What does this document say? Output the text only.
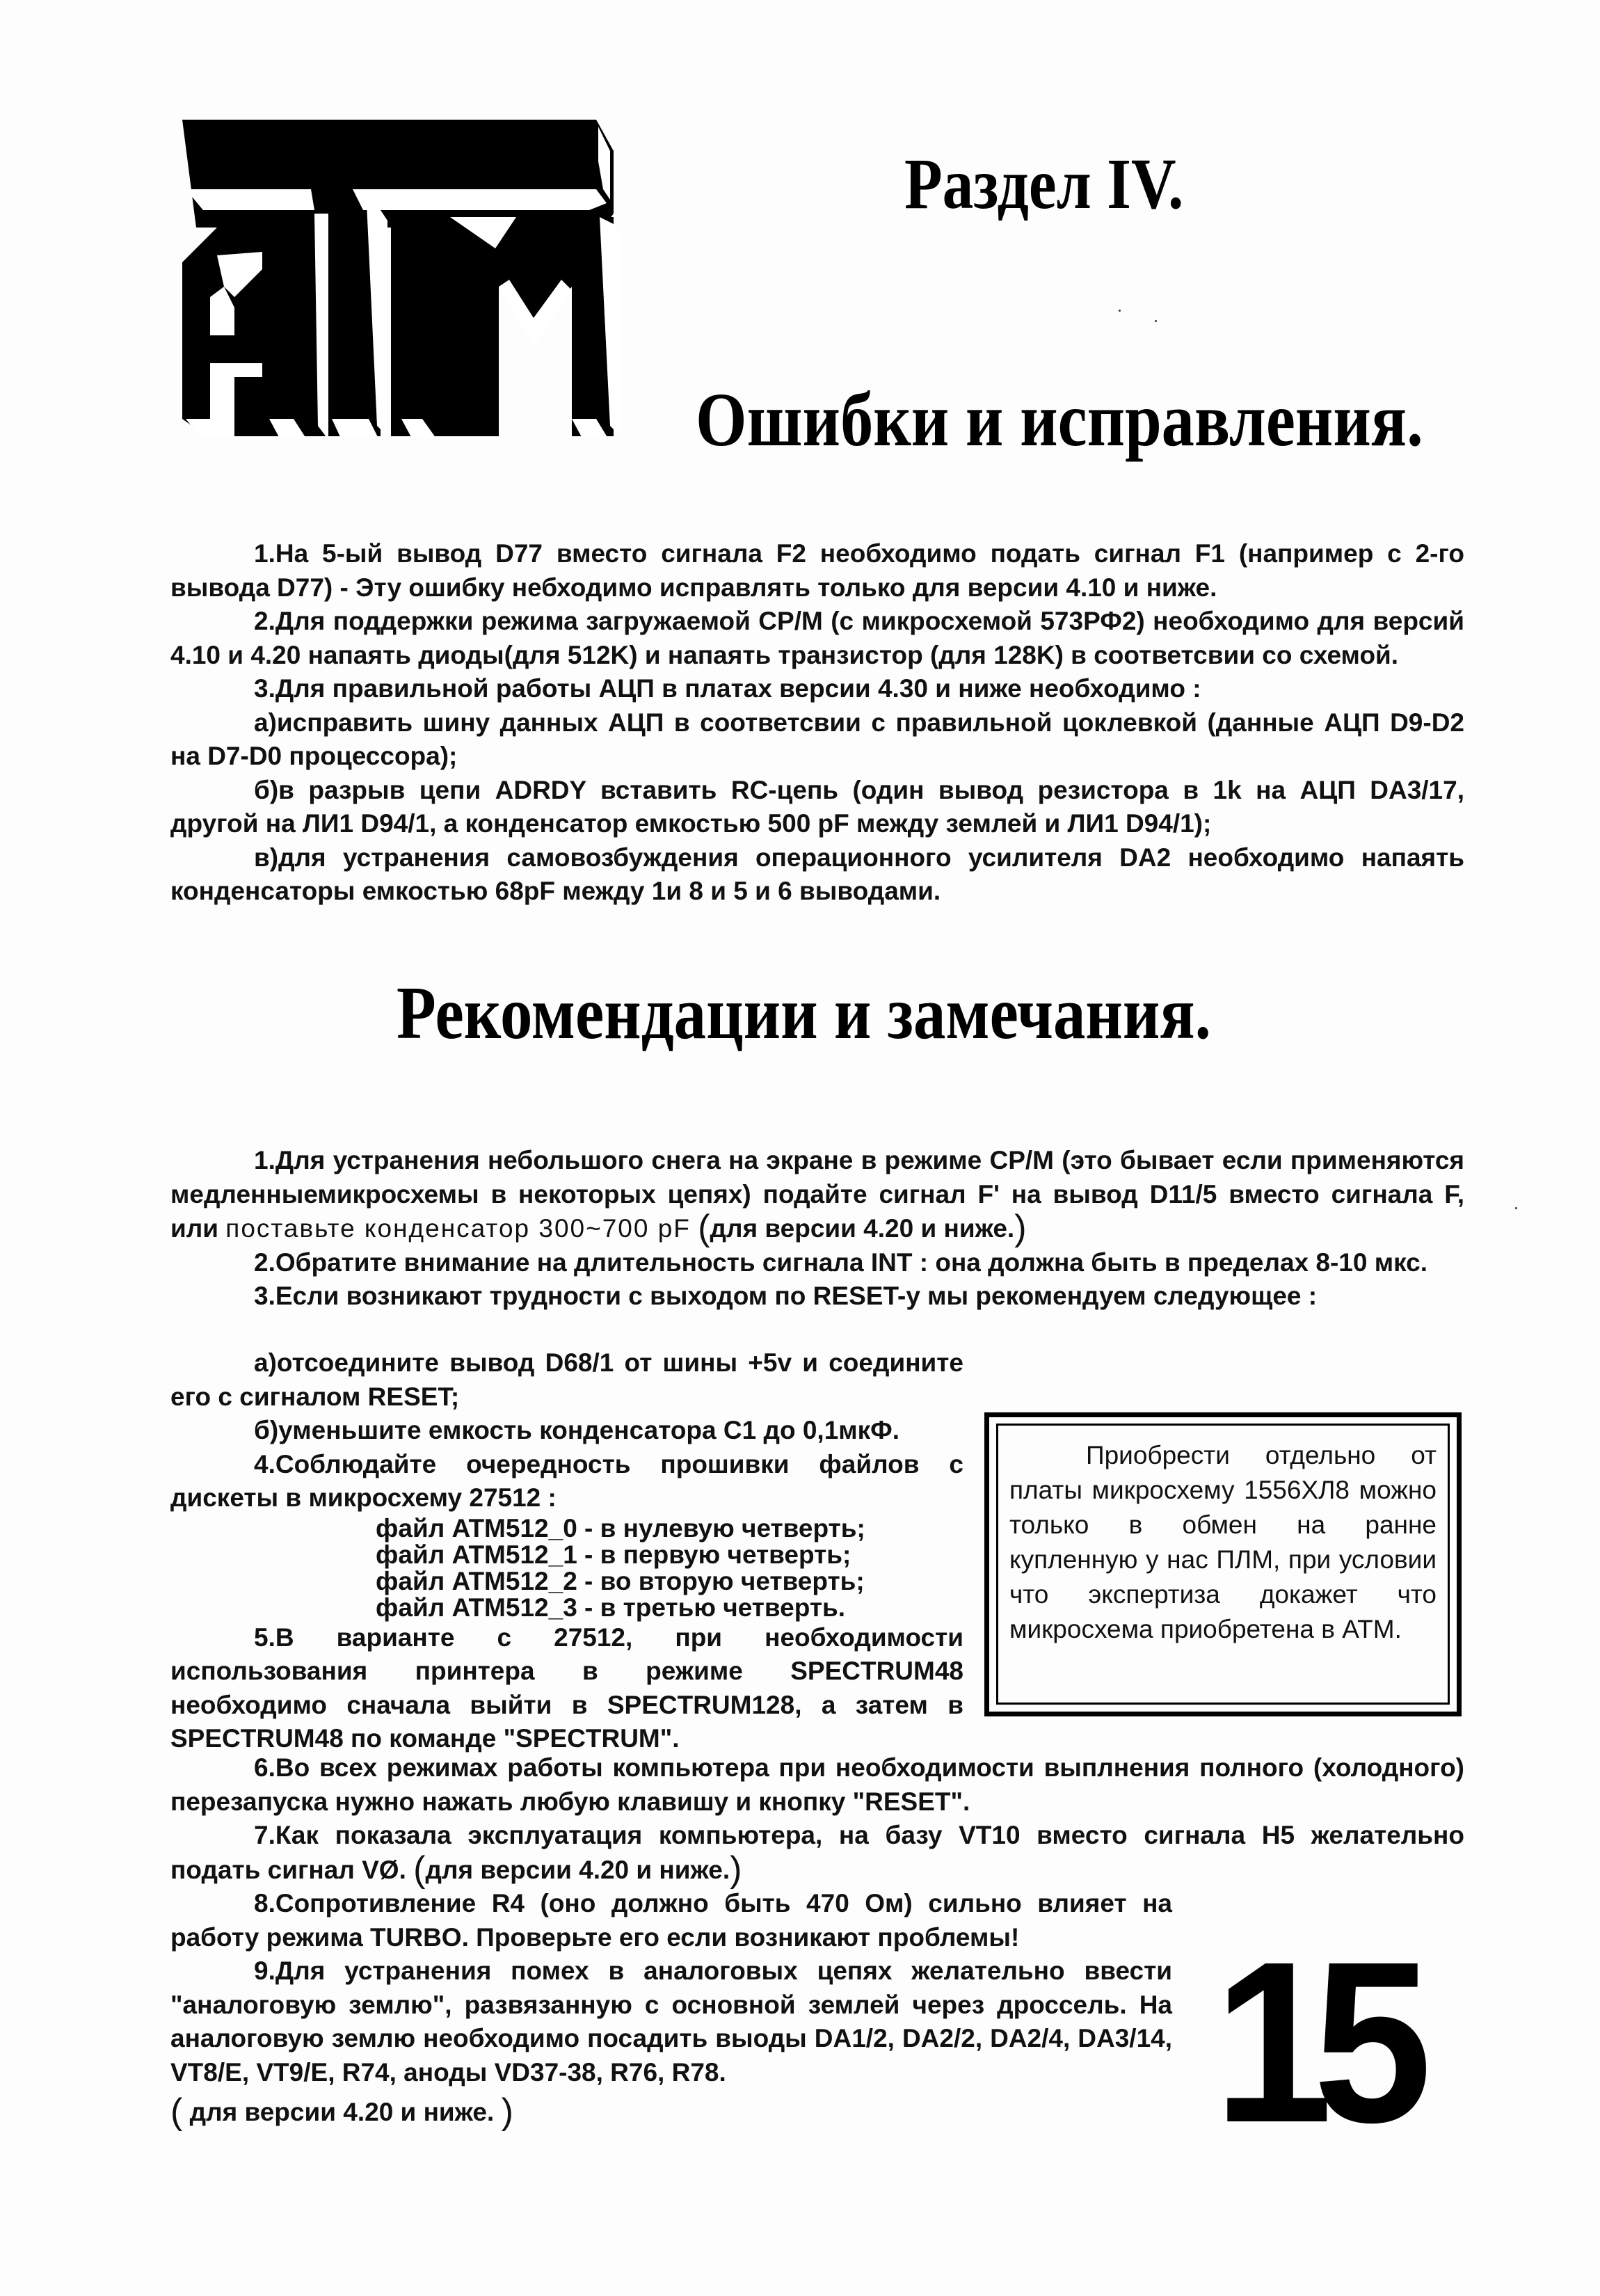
Раздел IV.
Ошибки и исправления.

1.На 5-ый вывод D77 вместо сигнала F2 необходимо подать сигнал F1 (например с 2-го вывода D77) - Эту ошибку небходимо исправлять только для версии 4.10 и ниже.

2.Для поддержки режима загружаемой CP/M (с микросхемой 573РФ2) необходимо для версий 4.10 и 4.20 напаять диоды(для 512K) и напаять транзистор (для 128K) в соответсвии со схемой.

3.Для правильной работы АЦП в платах версии 4.30 и ниже необходимо :

а)исправить шину данных АЦП в соответсвии с правильной цоклевкой (данные АЦП D9-D2 на D7-D0 процессора);

б)в разрыв цепи ADRDY вставить RC-цепь (один вывод резистора в 1k на АЦП DA3/17, другой на ЛИ1 D94/1, а конденсатор емкостью 500 pF между землей и ЛИ1 D94/1);

в)для устранения самовозбуждения операционного усилителя DA2 необходимо напаять конденсаторы емкостью 68pF между 1и 8 и 5 и 6 выводами.

Рекомендации и замечания.

1.Для устранения небольшого снега на экране в режиме CP/M (это бывает если применяются медленныемикросхемы в некоторых цепях) подайте сигнал F' на вывод D11/5 вместо сигнала F, или поставьте конденсатор 300~700 pF (для версии 4.20 и ниже.)

2.Обратите внимание на длительность сигнала INT : она должна быть в пределах 8-10 мкс.

3.Если возникают трудности с выходом по RESET-у мы рекомендуем следующее :

а)отсоедините вывод D68/1 от шины +5v и соедините его с сигналом RESET;

б)уменьшите емкость конденсатора C1 до 0,1мкФ.

4.Соблюдайте очередность прошивки файлов с дискеты в микросхему 27512 :

файл ATM512_0 - в нулевую четверть;
файл ATM512_1 - в первую четверть;
файл ATM512_2 - во вторую четверть;
файл ATM512_3 - в третью четверть.

5.В варианте с 27512, при необходимости использования принтера в режиме SPECTRUM48 необходимо сначала выйти в SPECTRUM128, а затем в SPECTRUM48 по команде "SPECTRUM".

Приобрести отдельно от платы микросхему 1556ХЛ8 можно только в обмен на ранне купленную у нас ПЛМ, при условии что экспертиза докажет что микросхема приобретена в ATM.

6.Во всех режимах работы компьютера при необходимости выплнения полного (холодного) перезапуска нужно нажать любую клавишу и кнопку "RESET".

7.Как показала эксплуатация компьютера, на базу VT10 вместо сигнала H5 желательно подать сигнал VØ. (для версии 4.20 и ниже.)

8.Сопротивление R4 (оно должно быть 470 Ом) сильно влияет на работу режима TURBO. Проверьте его если возникают проблемы!

9.Для устранения помех в аналоговых цепях желательно ввести "аналоговую землю", развязанную с основной землей через дроссель. На аналоговую землю необходимо посадить выоды DA1/2, DA2/2, DA2/4, DA3/14, VT8/E, VT9/E, R74, аноды VD37-38, R76, R78.

( для версии 4.20 и ниже. )	15
